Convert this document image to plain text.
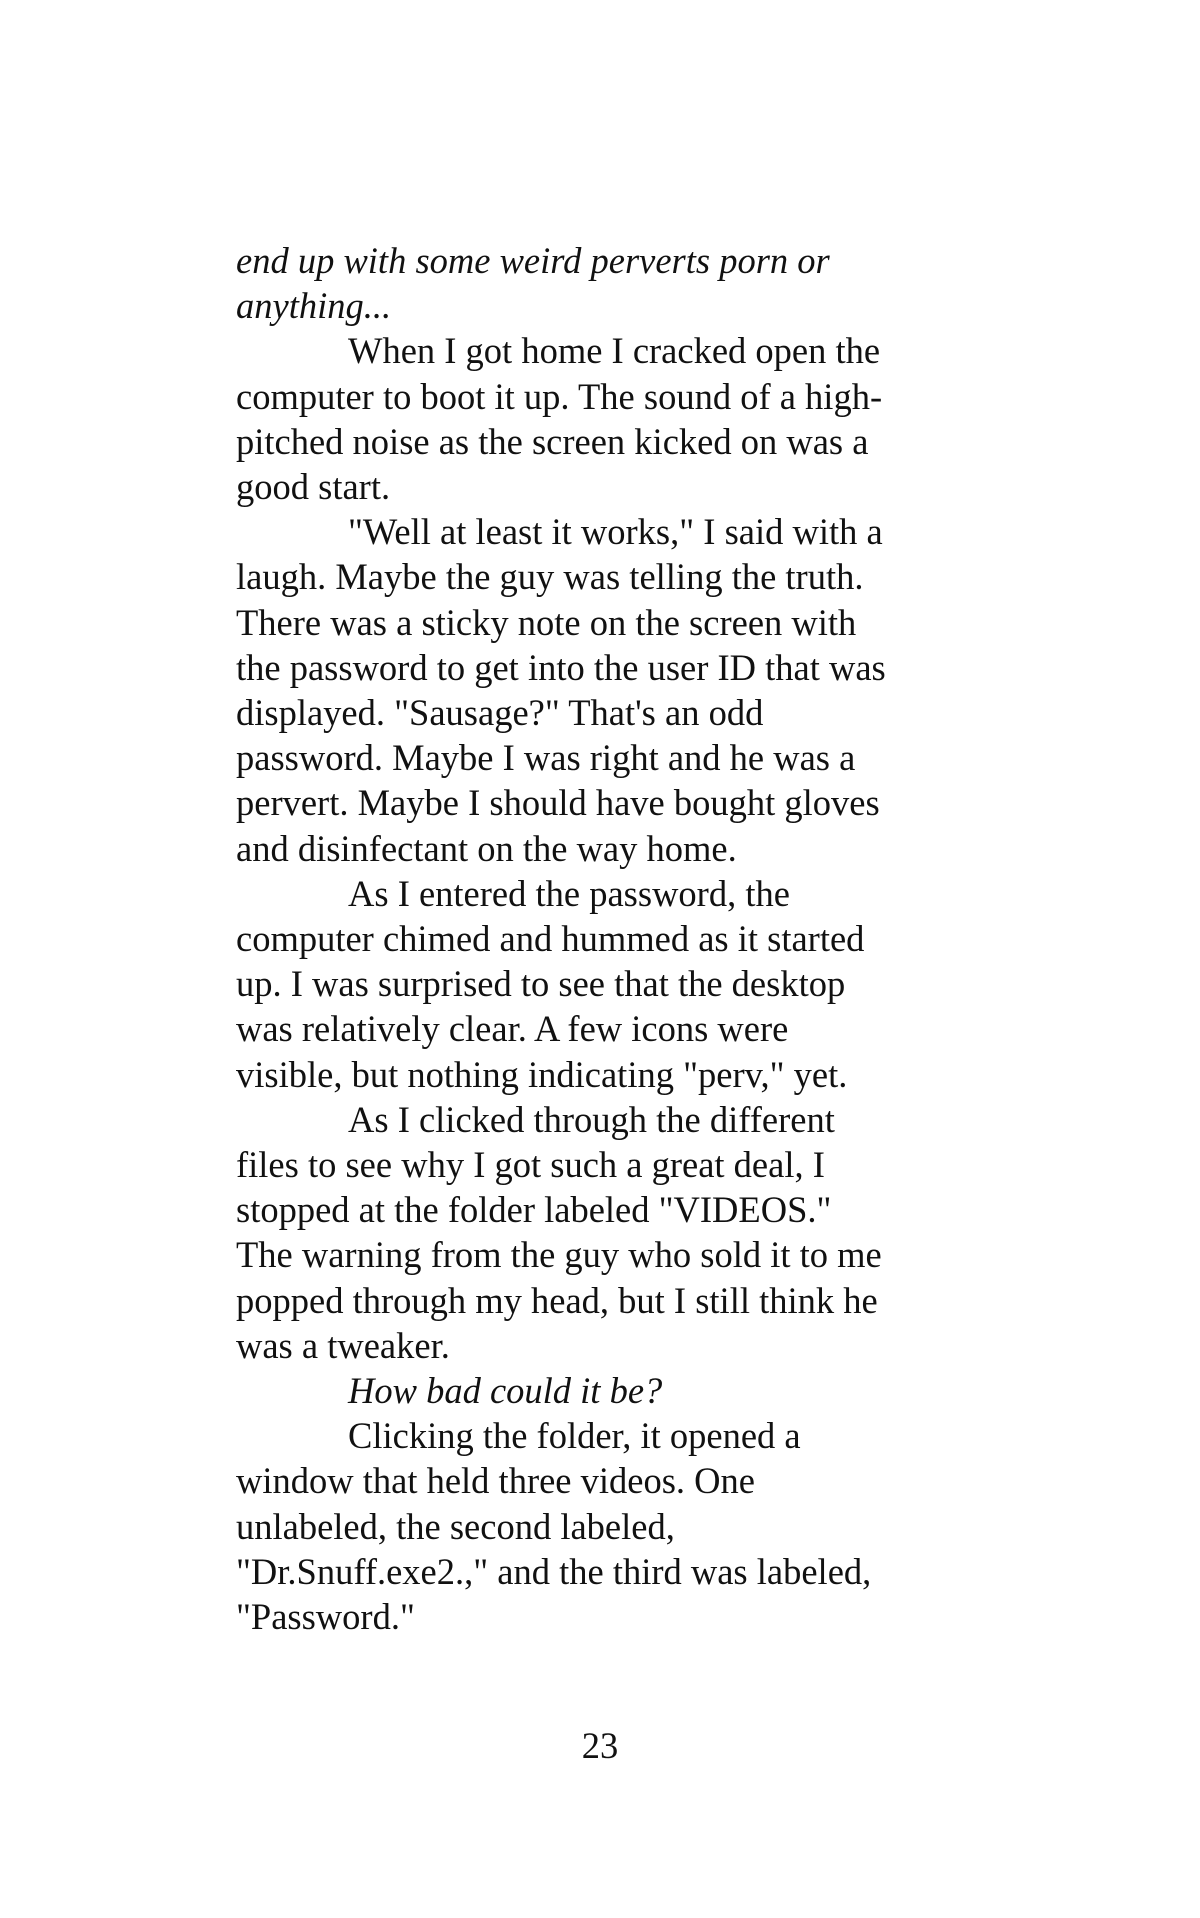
end up with some weird perverts porn or
anything...

When I got home I cracked open the
computer to boot it up. The sound of a high-
pitched noise as the screen kicked on was a
good start.

"Well at least it works," I said with a
laugh. Maybe the guy was telling the truth.
There was a sticky note on the screen with
the password to get into the user ID that was
displayed. "Sausage?" That's an odd
password. Maybe I was right and he was a
pervert. Maybe I should have bought gloves
and disinfectant on the way home.

As I entered the password, the
computer chimed and hummed as it started
up. I was surprised to see that the desktop
was relatively clear. A few icons were
visible, but nothing indicating "perv," yet.

As I clicked through the different
files to see why I got such a great deal, I
stopped at the folder labeled "VIDEOS."
The warning from the guy who sold it to me
popped through my head, but I still think he
was a tweaker.

How bad could it be?

Clicking the folder, it opened a
window that held three videos. One
unlabeled, the second labeled,
"Dr.Snuff.exe2.," and the third was labeled,
"Password."

23
